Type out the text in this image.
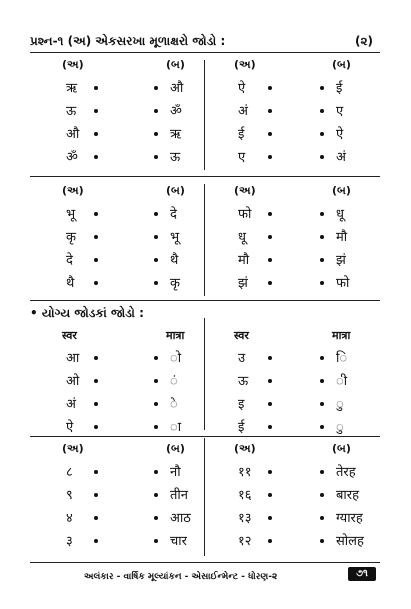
પ્રશ્ન-૧ (અ) એકસરખા મૂળાક્ષરો જોડો :	(૨)
(અ)	(બ)	(અ)	(બ)
ऋ	औ	ऐ	ई
ऊ	ॐ	अं	ए
औ	ऋ	ई	ऐ
ॐ	ऊ	ए	अं
(અ)	(બ)	(અ)	(બ)
भू	दे	फो	धू
कृ	भू	धू	मौ
दे	थै	मौ	झं
थै	कृ	झं	फो
• યોગ્ય જોડકાં જોડો :
स्वर	मात्रा	स्वर	मात्रा
आ	ो	उ	ि
ओ	ं	ऊ	ी
अं	े	इ	ु
ऐ	ा	ई	ु
(અ)	(બ)	(અ)	(બ)
८	नौ	११	तेरह
९	तीन	१६	बारह
४	आठ	१३	ग्यारह
३	चार	१२	सोलह
અલંકાર - વાર્ષિક મૂલ્યાંકન - એસાઈન્મેન્ટ - ધોરણ-૨	૭૧
